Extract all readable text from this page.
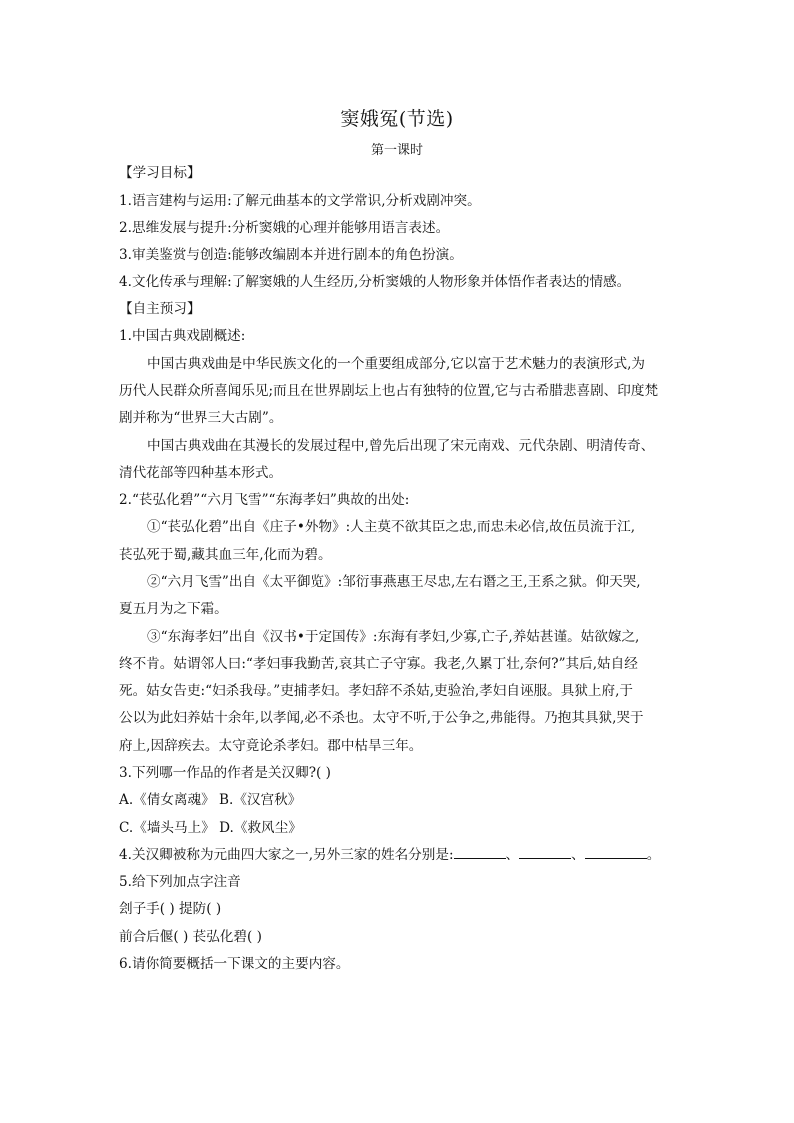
窦娥冤(节选)
第一课时
【学习目标】
1.语言建构与运用:了解元曲基本的文学常识,分析戏剧冲突。
2.思维发展与提升:分析窦娥的心理并能够用语言表述。
3.审美鉴赏与创造:能够改编剧本并进行剧本的角色扮演。
4.文化传承与理解:了解窦娥的人生经历,分析窦娥的人物形象并体悟作者表达的情感。
【自主预习】
1.中国古典戏剧概述:
中国古典戏曲是中华民族文化的一个重要组成部分,它以富于艺术魅力的表演形式,为
历代人民群众所喜闻乐见;而且在世界剧坛上也占有独特的位置,它与古希腊悲喜剧、印度梵
剧并称为“世界三大古剧”。
中国古典戏曲在其漫长的发展过程中,曾先后出现了宋元南戏、元代杂剧、明清传奇、
清代花部等四种基本形式。
2.“苌弘化碧”“六月飞雪”“东海孝妇”典故的出处:
①“苌弘化碧”出自《庄子•外物》:人主莫不欲其臣之忠,而忠未必信,故伍员流于江,
苌弘死于蜀,藏其血三年,化而为碧。
②“六月飞雪”出自《太平御览》:邹衍事燕惠王尽忠,左右谮之王,王系之狱。仰天哭,
夏五月为之下霜。
③“东海孝妇”出自《汉书•于定国传》:东海有孝妇,少寡,亡子,养姑甚谨。姑欲嫁之,
终不肯。姑谓邻人曰:“孝妇事我勤苦,哀其亡子守寡。我老,久累丁壮,奈何?”其后,姑自经
死。姑女告吏:“妇杀我母。”吏捕孝妇。孝妇辞不杀姑,吏验治,孝妇自诬服。具狱上府,于
公以为此妇养姑十余年,以孝闻,必不杀也。太守不听,于公争之,弗能得。乃抱其具狱,哭于
府上,因辞疾去。太守竟论杀孝妇。郡中枯旱三年。
3.下列哪一作品的作者是关汉卿?( )
A.《倩女离魂》 B.《汉宫秋》
C.《墙头马上》 D.《救风尘》
4.关汉卿被称为元曲四大家之一,另外三家的姓名分别是:	、	、	。
5.给下列加点字注音
刽子手( ) 提防( )
前合后偃( ) 苌弘化碧( )
6.请你简要概括一下课文的主要内容。
